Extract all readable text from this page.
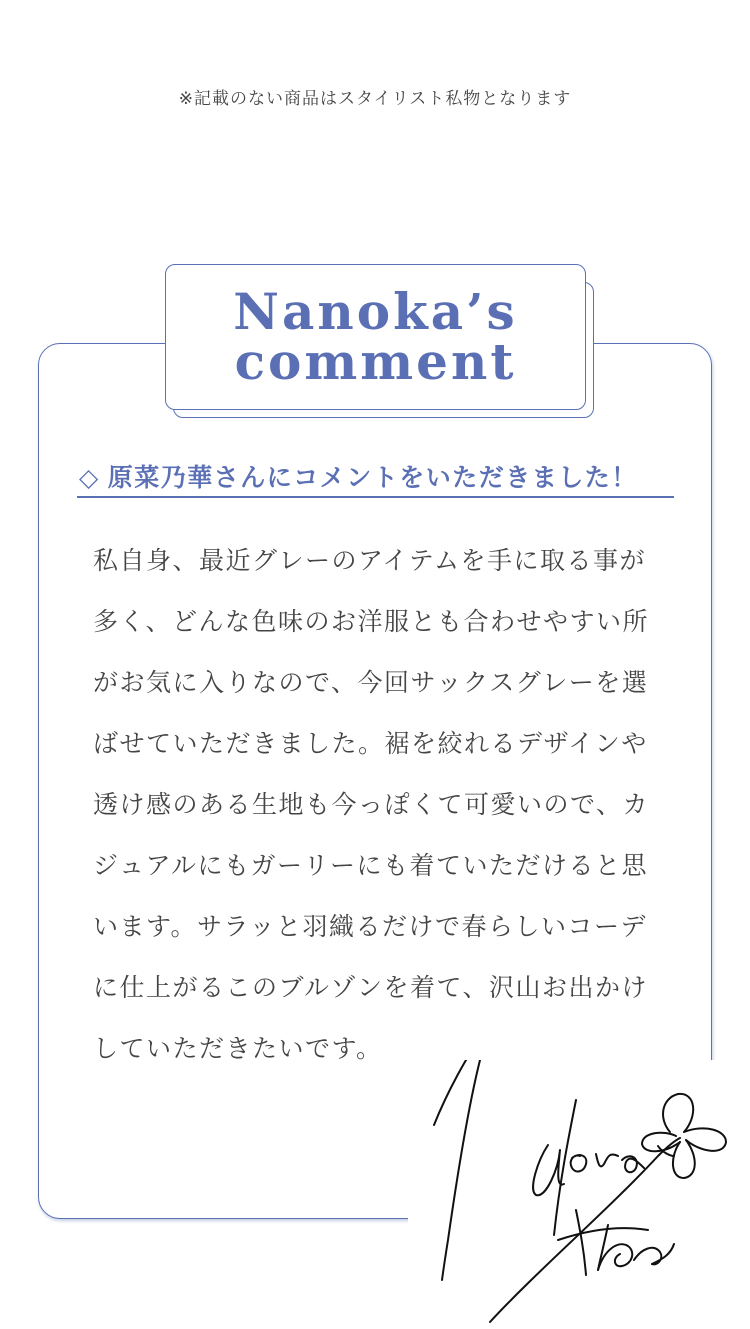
※記載のない商品はスタイリスト私物となります
Nanoka’s
comment
◇ 原菜乃華さんにコメントをいただきました！
私自身、最近グレーのアイテムを手に取る事が
多く、どんな色味のお洋服とも合わせやすい所
がお気に入りなので、今回サックスグレーを選
ばせていただきました。裾を絞れるデザインや
透け感のある生地も今っぽくて可愛いので、カ
ジュアルにもガーリーにも着ていただけると思
います。サラッと羽織るだけで春らしいコーデ
に仕上がるこのブルゾンを着て、沢山お出かけ
していただきたいです。
